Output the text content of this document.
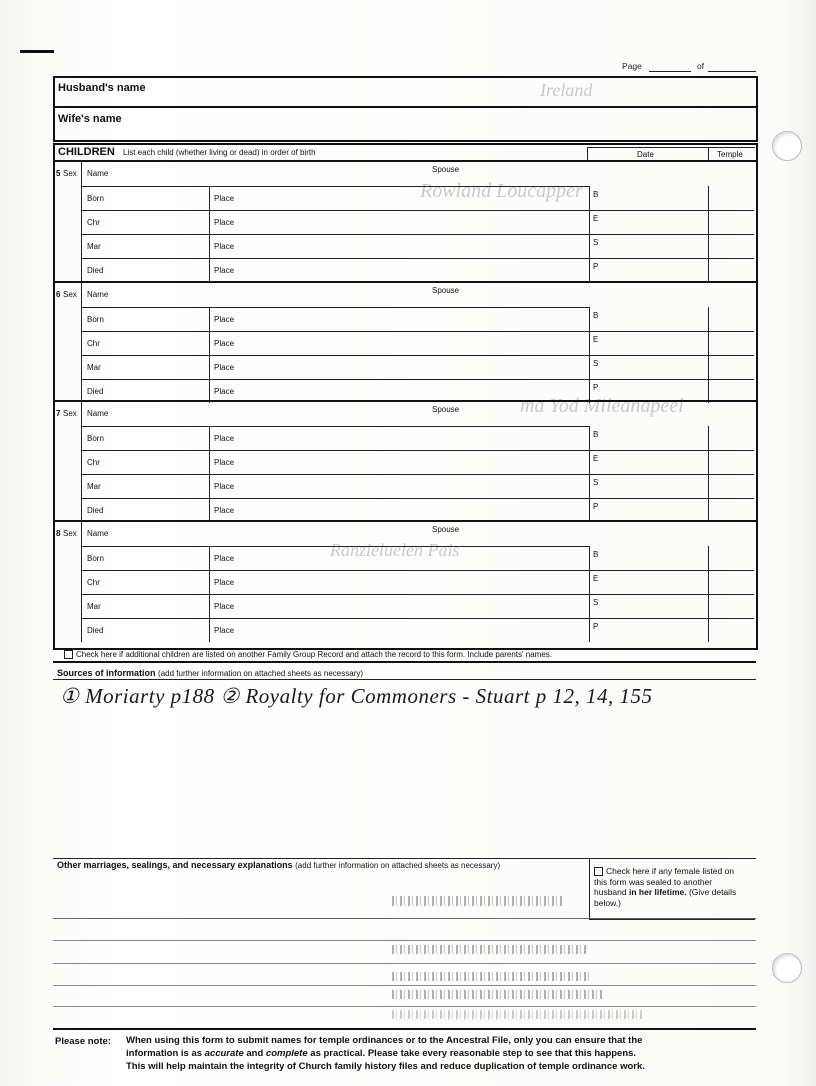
Ireland
Rowland Loucapper
ma Yod Mileanapeel
Ranzieluelen Pais
Page	of
Husband's name
Wife's name
CHILDREN List each child (whether living or dead) in order of birth	Date	Temple
5 Sex Name	Spouse
Born	Place	B
Chr	Place	E
Mar	Place	S
Died	Place	P
6 Sex Name	Spouse
Born	Place	B
Chr	Place	E
Mar	Place	S
Died	Place	P
7 Sex Name	Spouse
Born	Place	B
Chr	Place	E
Mar	Place	S
Died	Place	P
8 Sex Name	Spouse
Born	Place	B
Chr	Place	E
Mar	Place	S
Died	Place	P
Check here if additional children are listed on another Family Group Record and attach the record to this form. Include parents' names.
Sources of information (add further information on attached sheets as necessary)
① Moriarty p188 ② Royalty for Commoners - Stuart p 12, 14, 155
Other marriages, sealings, and necessary explanations (add further information on attached sheets as necessary)
Check here if any female listed on this form was sealed to another husband in her lifetime. (Give details below.)
Please note: When using this form to submit names for temple ordinances or to the Ancestral File, only you can ensure that the
information is as accurate and complete as practical. Please take every reasonable step to see that this happens.
This will help maintain the integrity of Church family history files and reduce duplication of temple ordinance work.
